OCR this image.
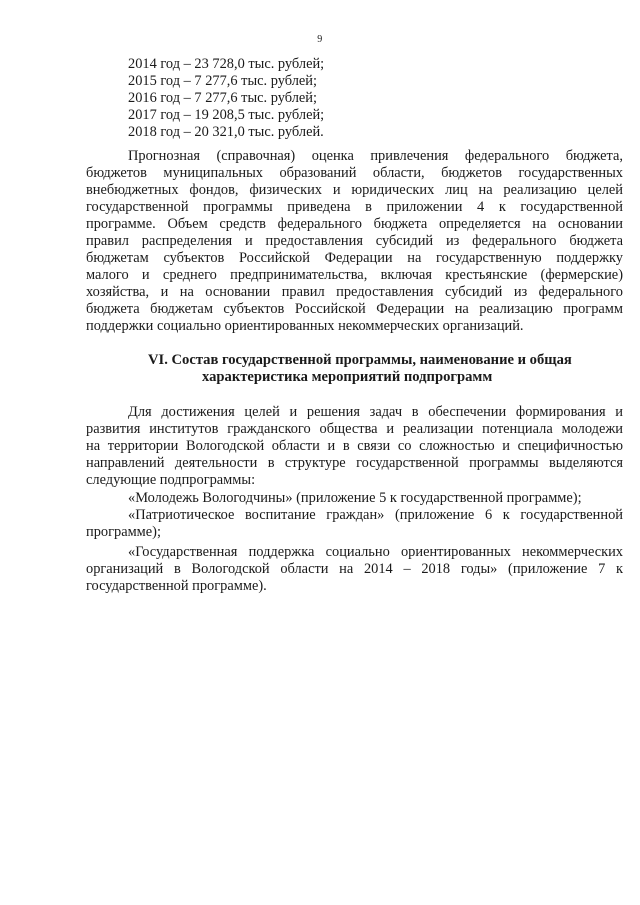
9
2014 год – 23 728,0 тыс. рублей;
2015 год – 7 277,6 тыс. рублей;
2016 год – 7 277,6 тыс. рублей;
2017 год – 19 208,5 тыс. рублей;
2018 год – 20 321,0 тыс. рублей.
Прогнозная (справочная) оценка привлечения федерального бюджета,
бюджетов муниципальных образований области, бюджетов государственных
внебюджетных фондов, физических и юридических лиц на реализацию целей
государственной программы приведена в приложении 4 к государственной
программе. Объем средств федерального бюджета определяется на основании
правил распределения и предоставления субсидий из федерального бюджета
бюджетам субъектов Российской Федерации на государственную поддержку
малого и среднего предпринимательства, включая крестьянские (фермерские)
хозяйства, и на основании правил предоставления субсидий из федерального
бюджета бюджетам субъектов Российской Федерации на реализацию программ
поддержки социально ориентированных некоммерческих организаций.
VI. Состав государственной программы, наименование и общая
характеристика мероприятий подпрограмм
Для достижения целей и решения задач в обеспечении формирования и
развития институтов гражданского общества и реализации потенциала молодежи
на территории Вологодской области и в связи со сложностью и специфичностью
направлений деятельности в структуре государственной программы выделяются
следующие подпрограммы:
«Молодежь Вологодчины» (приложение 5 к государственной программе);
«Патриотическое воспитание граждан» (приложение 6 к государственной
программе);
«Государственная поддержка социально ориентированных некоммерческих
организаций в Вологодской области на 2014 – 2018 годы» (приложение 7 к
государственной программе).
